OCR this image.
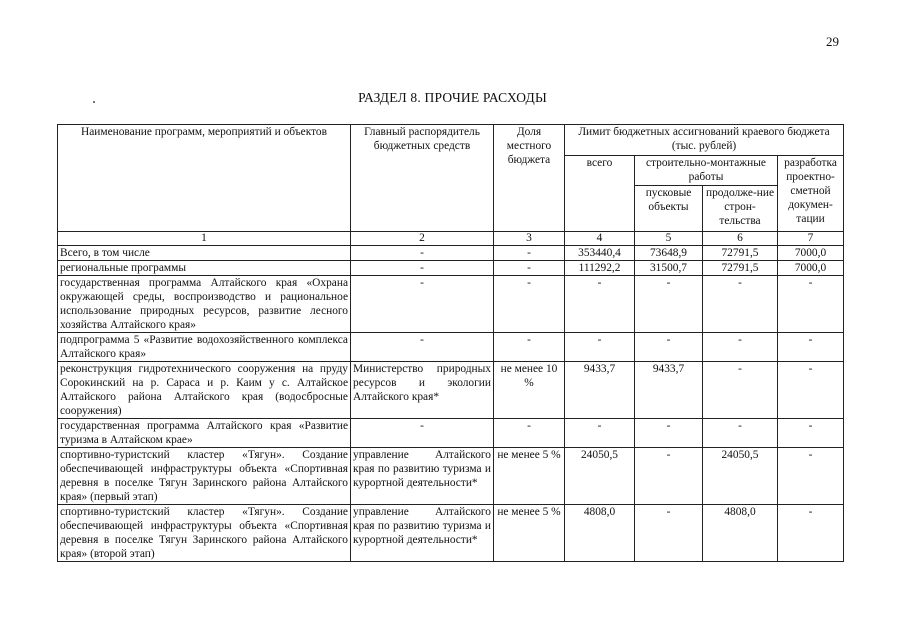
29
РАЗДЕЛ 8. ПРОЧИЕ РАСХОДЫ
Наименование программ, мероприятий и объектов	Главный распорядитель бюджетных средств	Доля местного бюджета	Лимит бюджетных ассигнований краевого бюджета (тыс. рублей)			
			всего	строительно-монтажные работы		разработка проектно-сметной докумен-тации
				пусковые объекты	продолже-ние строн-тельства	
1	2	3	4	5	6	7
Всего, в том числе	-	-	353440,4	73648,9	72791,5	7000,0
региональные программы	-	-	111292,2	31500,7	72791,5	7000,0
государственная программа Алтайского края «Охрана окружающей среды, воспроизводство и рациональное использование природных ресурсов, развитие лесного хозяйства Алтайского края»	-	-	-	-	-	-
подпрограмма 5 «Развитие водохозяйственного комплекса Алтайского края»	-	-	-	-	-	-
реконструкция гидротехнического сооружения на пруду Сорокинский на р. Сараса и р. Каим у с. Алтайское Алтайского района Алтайского края (водосбросные сооружения)	Министерство природных ресурсов и экологии Алтайского края*	не менее 10 %	9433,7	9433,7	-	-
государственная программа Алтайского края «Развитие туризма в Алтайском крае»	-	-	-	-	-	-
спортивно-туристский кластер «Тягун». Создание обеспечивающей инфраструктуры объекта «Спортивная деревня в поселке Тягун Заринского района Алтайского края» (первый этап)	управление Алтайского края по развитию туризма и курортной деятельности*	не менее 5 %	24050,5	-	24050,5	-
спортивно-туристский кластер «Тягун». Создание обеспечивающей инфраструктуры объекта «Спортивная деревня в поселке Тягун Заринского района Алтайского края» (второй этап)	управление Алтайского края по развитию туризма и курортной деятельности*	не менее 5 %	4808,0	-	4808,0	-
